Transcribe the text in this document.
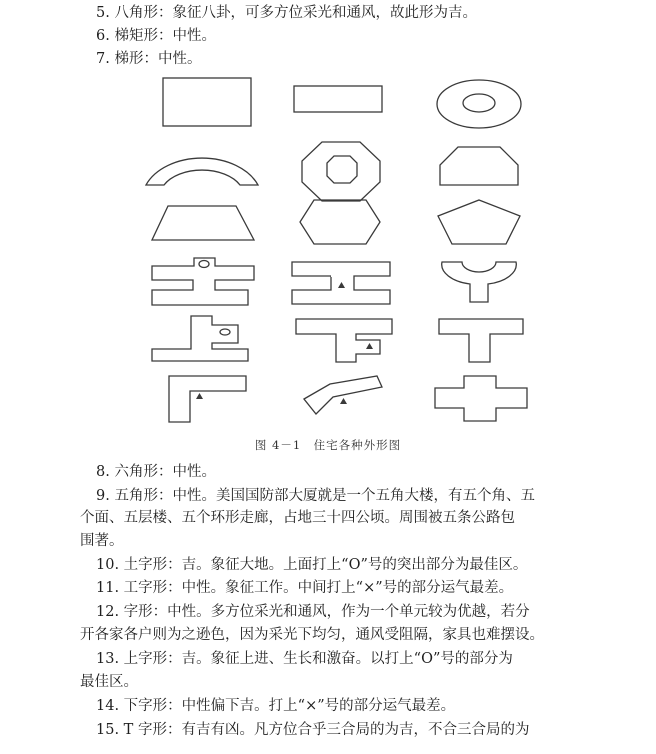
5. 八角形：象征八卦，可多方位采光和通风，故此形为吉。
6. 梯矩形：中性。
7. 梯形：中性。
图 4－1　住宅各种外形图
8. 六角形：中性。
9. 五角形：中性。美国国防部大厦就是一个五角大楼，有五个角、五
个面、五层楼、五个环形走廊，占地三十四公顷。周围被五条公路包
围著。
10. 土字形：吉。象征大地。上面打上“O”号的突出部分为最佳区。
11. 工字形：中性。象征工作。中间打上“×”号的部分运气最差。
12. 字形：中性。多方位采光和通风，作为一个单元较为优越，若分
开各家各户则为之逊色，因为采光下均匀，通风受阻隔，家具也难摆设。
13. 上字形：吉。象征上进、生长和激奋。以打上“O”号的部分为
最佳区。
14. 下字形：中性偏下吉。打上“×”号的部分运气最差。
15. T 字形：有吉有凶。凡方位合乎三合局的为吉，不合三合局的为
